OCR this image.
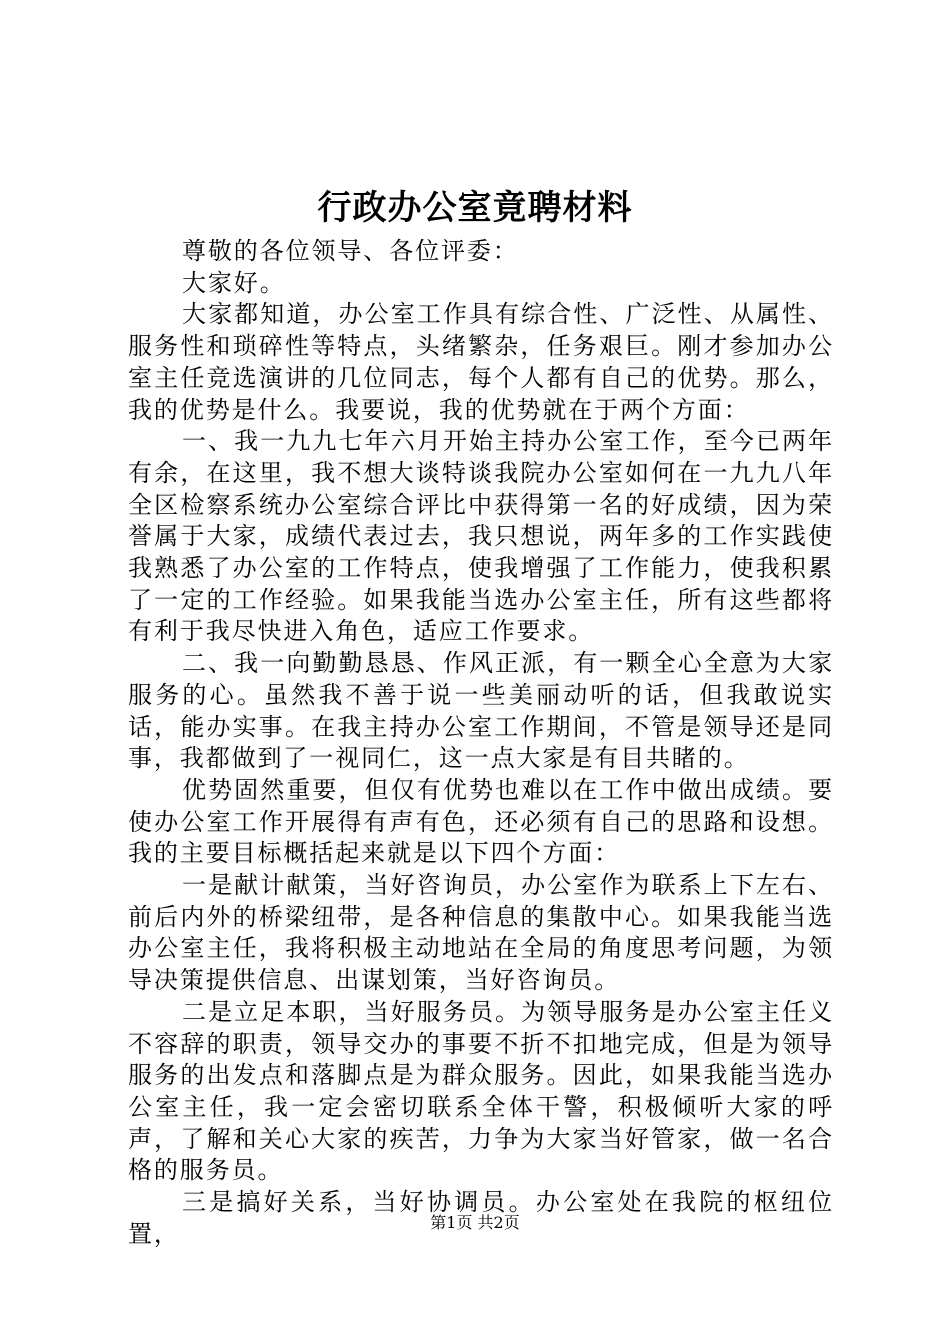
行政办公室竟聘材料

尊敬的各位领导、各位评委：

大家好。

大家都知道，办公室工作具有综合性、广泛性、从属性、服务性和琐碎性等特点，头绪繁杂，任务艰巨。刚才参加办公室主任竞选演讲的几位同志，每个人都有自己的优势。那么，我的优势是什么。我要说，我的优势就在于两个方面：

一、我一九九七年六月开始主持办公室工作，至今已两年有余，在这里，我不想大谈特谈我院办公室如何在一九九八年全区检察系统办公室综合评比中获得第一名的好成绩，因为荣誉属于大家，成绩代表过去，我只想说，两年多的工作实践使我熟悉了办公室的工作特点，使我增强了工作能力，使我积累了一定的工作经验。如果我能当选办公室主任，所有这些都将有利于我尽快进入角色，适应工作要求。

二、我一向勤勤恳恳、作风正派，有一颗全心全意为大家服务的心。虽然我不善于说一些美丽动听的话，但我敢说实话，能办实事。在我主持办公室工作期间，不管是领导还是同事，我都做到了一视同仁，这一点大家是有目共睹的。

优势固然重要，但仅有优势也难以在工作中做出成绩。要使办公室工作开展得有声有色，还必须有自己的思路和设想。我的主要目标概括起来就是以下四个方面：

一是献计献策，当好咨询员，办公室作为联系上下左右、前后内外的桥梁纽带，是各种信息的集散中心。如果我能当选办公室主任，我将积极主动地站在全局的角度思考问题，为领导决策提供信息、出谋划策，当好咨询员。

二是立足本职，当好服务员。为领导服务是办公室主任义不容辞的职责，领导交办的事要不折不扣地完成，但是为领导服务的出发点和落脚点是为群众服务。因此，如果我能当选办公室主任，我一定会密切联系全体干警，积极倾听大家的呼声，了解和关心大家的疾苦，力争为大家当好管家，做一名合格的服务员。

三是搞好关系，当好协调员。办公室处在我院的枢纽位置，	第1页 共2页
